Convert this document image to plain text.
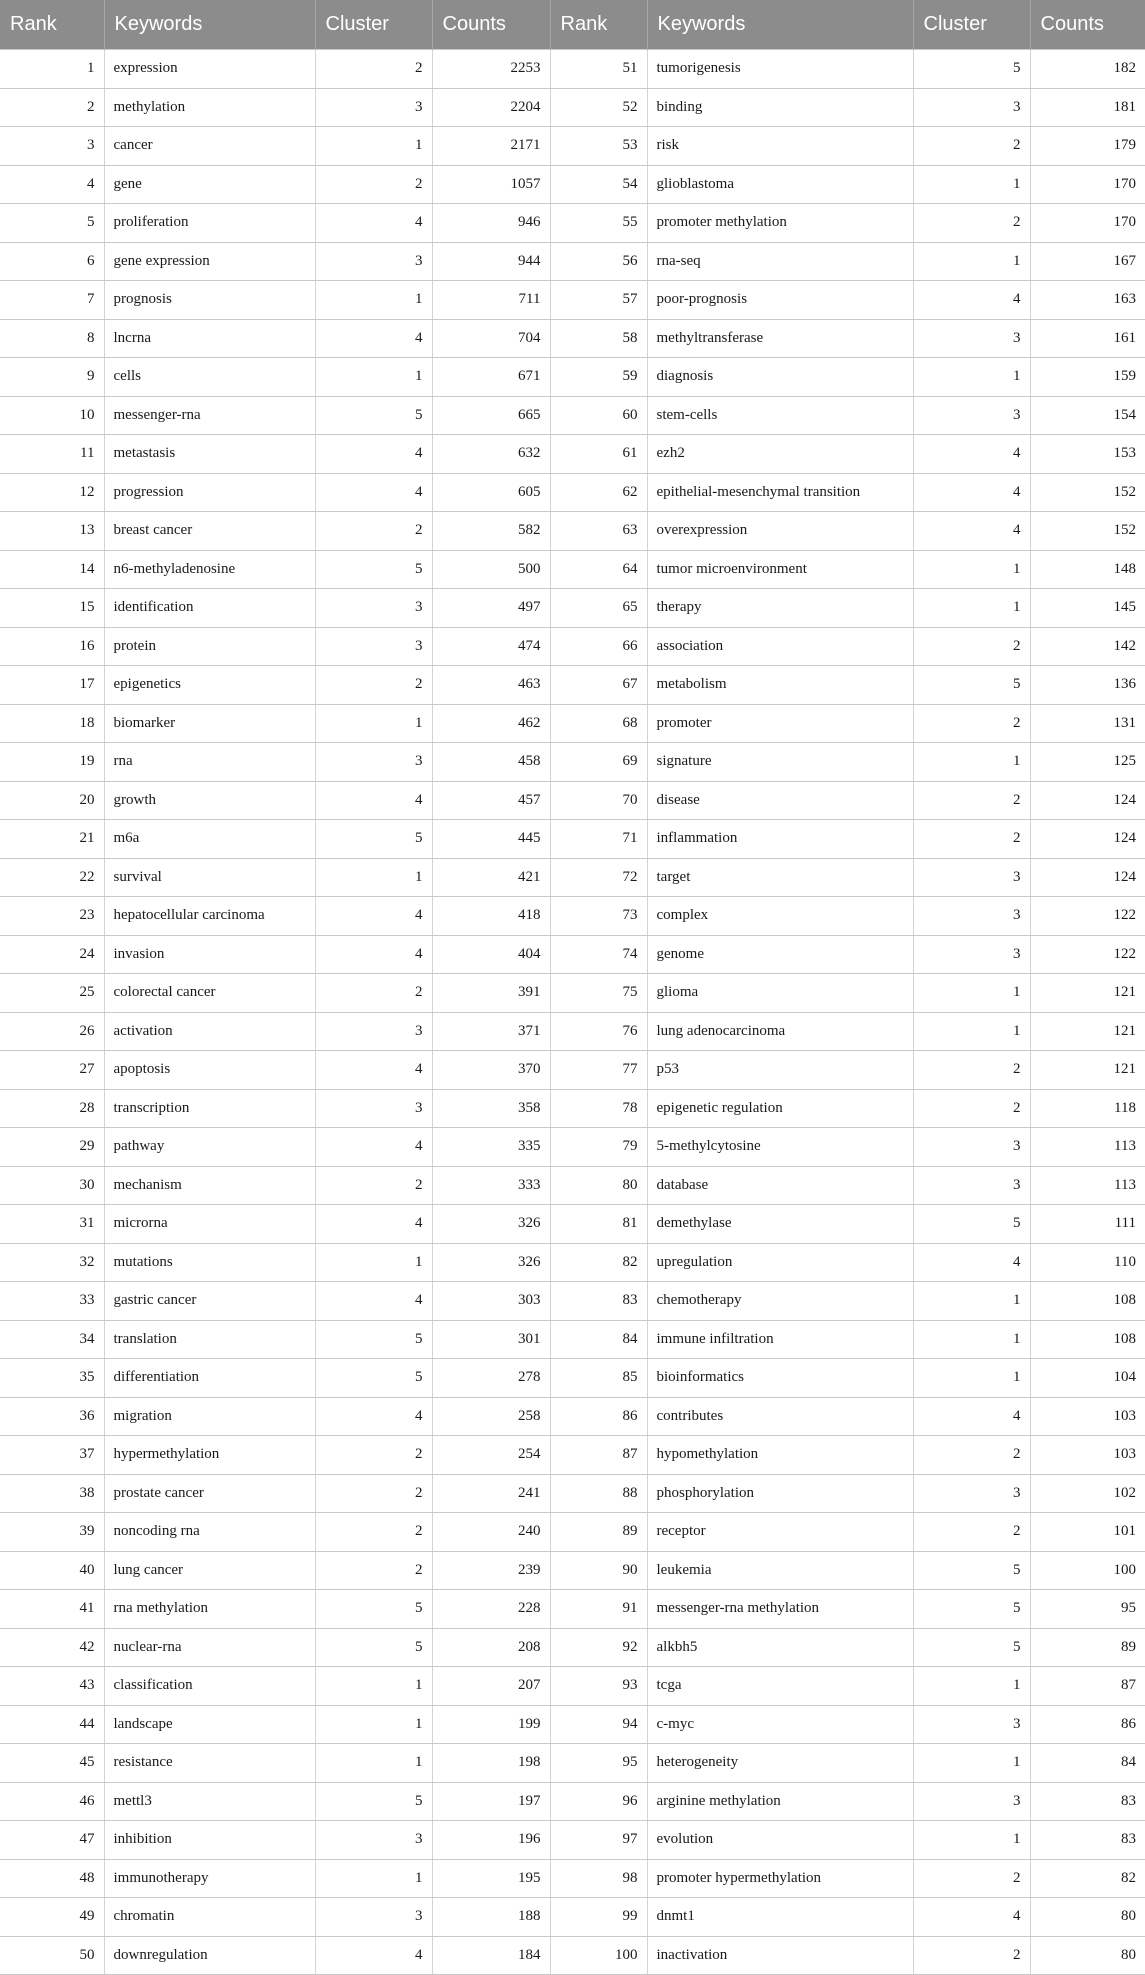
Rank	Keywords	Cluster	Counts	Rank	Keywords	Cluster	Counts
1	expression	2	2253	51	tumorigenesis	5	182
2	methylation	3	2204	52	binding	3	181
3	cancer	1	2171	53	risk	2	179
4	gene	2	1057	54	glioblastoma	1	170
5	proliferation	4	946	55	promoter methylation	2	170
6	gene expression	3	944	56	rna-seq	1	167
7	prognosis	1	711	57	poor-prognosis	4	163
8	lncrna	4	704	58	methyltransferase	3	161
9	cells	1	671	59	diagnosis	1	159
10	messenger-rna	5	665	60	stem-cells	3	154
11	metastasis	4	632	61	ezh2	4	153
12	progression	4	605	62	epithelial-mesenchymal transition	4	152
13	breast cancer	2	582	63	overexpression	4	152
14	n6-methyladenosine	5	500	64	tumor microenvironment	1	148
15	identification	3	497	65	therapy	1	145
16	protein	3	474	66	association	2	142
17	epigenetics	2	463	67	metabolism	5	136
18	biomarker	1	462	68	promoter	2	131
19	rna	3	458	69	signature	1	125
20	growth	4	457	70	disease	2	124
21	m6a	5	445	71	inflammation	2	124
22	survival	1	421	72	target	3	124
23	hepatocellular carcinoma	4	418	73	complex	3	122
24	invasion	4	404	74	genome	3	122
25	colorectal cancer	2	391	75	glioma	1	121
26	activation	3	371	76	lung adenocarcinoma	1	121
27	apoptosis	4	370	77	p53	2	121
28	transcription	3	358	78	epigenetic regulation	2	118
29	pathway	4	335	79	5-methylcytosine	3	113
30	mechanism	2	333	80	database	3	113
31	microrna	4	326	81	demethylase	5	111
32	mutations	1	326	82	upregulation	4	110
33	gastric cancer	4	303	83	chemotherapy	1	108
34	translation	5	301	84	immune infiltration	1	108
35	differentiation	5	278	85	bioinformatics	1	104
36	migration	4	258	86	contributes	4	103
37	hypermethylation	2	254	87	hypomethylation	2	103
38	prostate cancer	2	241	88	phosphorylation	3	102
39	noncoding rna	2	240	89	receptor	2	101
40	lung cancer	2	239	90	leukemia	5	100
41	rna methylation	5	228	91	messenger-rna methylation	5	95
42	nuclear-rna	5	208	92	alkbh5	5	89
43	classification	1	207	93	tcga	1	87
44	landscape	1	199	94	c-myc	3	86
45	resistance	1	198	95	heterogeneity	1	84
46	mettl3	5	197	96	arginine methylation	3	83
47	inhibition	3	196	97	evolution	1	83
48	immunotherapy	1	195	98	promoter hypermethylation	2	82
49	chromatin	3	188	99	dnmt1	4	80
50	downregulation	4	184	100	inactivation	2	80
